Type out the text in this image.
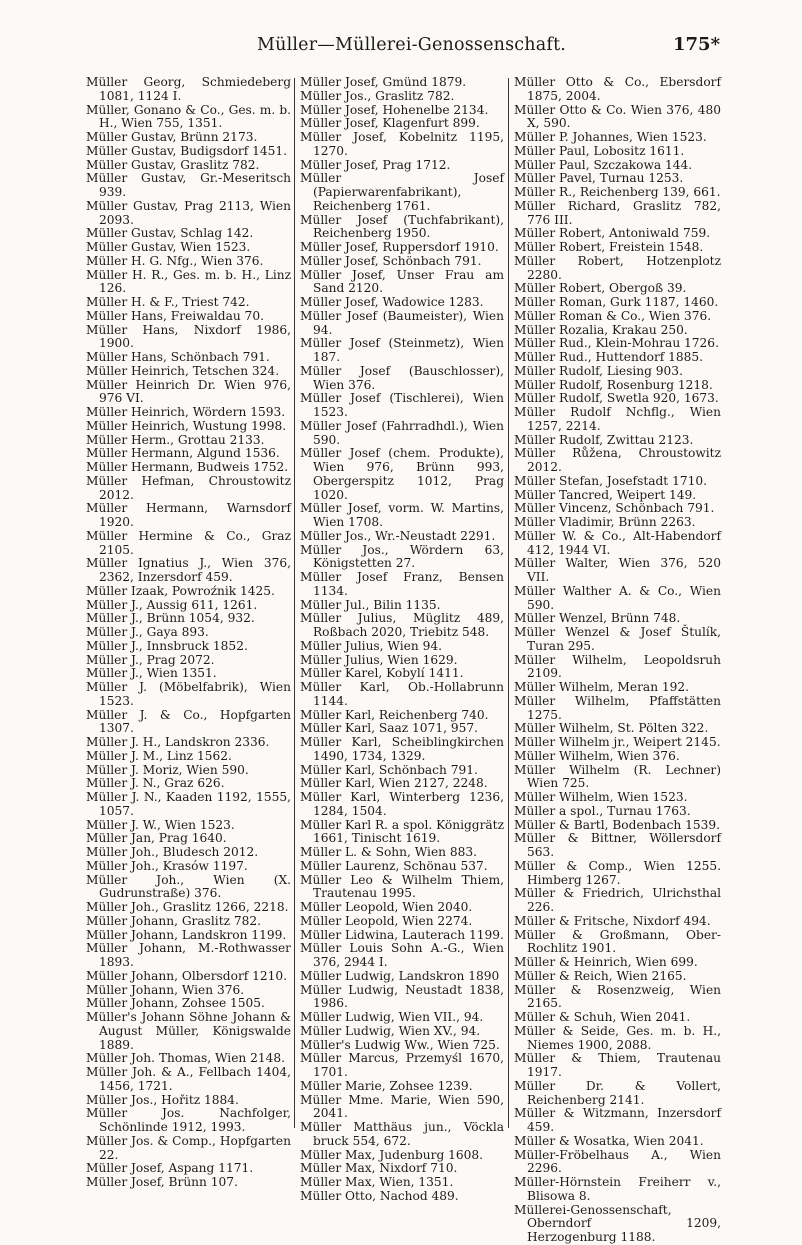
Müller—Müllerei-Genossenschaft.	175*

Müller Georg, Schmiedeberg 1081, 1124 I.

Müller, Gonano & Co., Ges. m. b. H., Wien 755, 1351.

Müller Gustav, Brünn 2173.

Müller Gustav, Budigsdorf 1451.

Müller Gustav, Graslitz 782.

Müller Gustav, Gr.-Meseritsch 939.

Müller Gustav, Prag 2113, Wien 2093.

Müller Gustav, Schlag 142.

Müller Gustav, Wien 1523.

Müller H. G. Nfg., Wien 376.

Müller H. R., Ges. m. b. H., Linz 126.

Müller H. & F., Triest 742.

Müller Hans, Freiwaldau 70.

Müller Hans, Nixdorf 1986, 1900.

Müller Hans, Schönbach 791.

Müller Heinrich, Tetschen 324.

Müller Heinrich Dr. Wien 976, 976 VI.

Müller Heinrich, Wördern 1593.

Müller Heinrich, Wustung 1998.

Müller Herm., Grottau 2133.

Müller Hermann, Algund 1536.

Müller Hermann, Budweis 1752.

Müller Hefman, Chroustowitz 2012.

Müller Hermann, Warnsdorf 1920.

Müller Hermine & Co., Graz 2105.

Müller Ignatius J., Wien 376, 2362, Inzersdorf 459.

Müller Izaak, Powroźnik 1425.

Müller J., Aussig 611, 1261.

Müller J., Brünn 1054, 932.

Müller J., Gaya 893.

Müller J., Innsbruck 1852.

Müller J., Prag 2072.

Müller J., Wien 1351.

Müller J. (Möbelfabrik), Wien 1523.

Müller J. & Co., Hopfgarten 1307.

Müller J. H., Landskron 2336.

Müller J. M., Linz 1562.

Müller J. Moriz, Wien 590.

Müller J. N., Graz 626.

Müller J. N., Kaaden 1192, 1555, 1057.

Müller J. W., Wien 1523.

Müller Jan, Prag 1640.

Müller Joh., Bludesch 2012.

Müller Joh., Krasów 1197.

Müller Joh., Wien (X. Gudrunstraße) 376.

Müller Joh., Graslitz 1266, 2218.

Müller Johann, Graslitz 782.

Müller Johann, Landskron 1199.

Müller Johann, M.-Rothwasser 1893.

Müller Johann, Olbersdorf 1210.

Müller Johann, Wien 376.

Müller Johann, Zohsee 1505.

Müller's Johann Söhne Johann & August Müller, Königswalde 1889.

Müller Joh. Thomas, Wien 2148.

Müller Joh. & A., Fellbach 1404, 1456, 1721.

Müller Jos., Hořitz 1884.

Müller Jos. Nachfolger, Schönlinde 1912, 1993.

Müller Jos. & Comp., Hopfgarten 22.

Müller Josef, Aspang 1171.

Müller Josef, Brünn 107.

Müller Josef, Gmünd 1879.

Müller Jos., Graslitz 782.

Müller Josef, Hohenelbe 2134.

Müller Josef, Klagenfurt 899.

Müller Josef, Kobelnitz 1195, 1270.

Müller Josef, Prag 1712.

Müller Josef (Papierwarenfabrikant), Reichenberg 1761.

Müller Josef (Tuchfabrikant), Reichenberg 1950.

Müller Josef, Ruppersdorf 1910.

Müller Josef, Schönbach 791.

Müller Josef, Unser Frau am Sand 2120.

Müller Josef, Wadowice 1283.

Müller Josef (Baumeister), Wien 94.

Müller Josef (Steinmetz), Wien 187.

Müller Josef (Bauschlosser), Wien 376.

Müller Josef (Tischlerei), Wien 1523.

Müller Josef (Fahrradhdl.), Wien 590.

Müller Josef (chem. Produkte), Wien 976, Brünn 993, Obergerspitz 1012, Prag 1020.

Müller Josef, vorm. W. Martins, Wien 1708.

Müller Jos., Wr.-Neustadt 2291.

Müller Jos., Wördern 63, Königstetten 27.

Müller Josef Franz, Bensen 1134.

Müller Jul., Bilin 1135.

Müller Julius, Müglitz 489, Roßbach 2020, Triebitz 548.

Müller Julius, Wien 94.

Müller Julius, Wien 1629.

Müller Karel, Kobylí 1411.

Müller Karl, Ob.-Hollabrunn 1144.

Müller Karl, Reichenberg 740.

Müller Karl, Saaz 1071, 957.

Müller Karl, Scheiblingkirchen 1490, 1734, 1329.

Müller Karl, Schönbach 791.

Müller Karl, Wien 2127, 2248.

Müller Karl, Winterberg 1236, 1284, 1504.

Müller Karl R. a spol. Königgrätz 1661, Tinischt 1619.

Müller L. & Sohn, Wien 883.

Müller Laurenz, Schönau 537.

Müller Leo & Wilhelm Thiem, Trautenau 1995.

Müller Leopold, Wien 2040.

Müller Leopold, Wien 2274.

Müller Lidwina, Lauterach 1199.

Müller Louis Sohn A.-G., Wien 376, 2944 I.

Müller Ludwig, Landskron 1890

Müller Ludwig, Neustadt 1838, 1986.

Müller Ludwig, Wien VII., 94.

Müller Ludwig, Wien XV., 94.

Müller's Ludwig Ww., Wien 725.

Müller Marcus, Przemyśl 1670, 1701.

Müller Marie, Zohsee 1239.

Müller Mme. Marie, Wien 590, 2041.

Müller Matthäus jun., Vöckla bruck 554, 672.

Müller Max, Judenburg 1608.

Müller Max, Nixdorf 710.

Müller Max, Wien, 1351.

Müller Otto, Nachod 489.

Müller Otto & Co., Ebersdorf 1875, 2004.

Müller Otto & Co. Wien 376, 480 X, 590.

Müller P. Johannes, Wien 1523.

Müller Paul, Lobositz 1611.

Müller Paul, Szczakowa 144.

Müller Pavel, Turnau 1253.

Müller R., Reichenberg 139, 661.

Müller Richard, Graslitz 782, 776 III.

Müller Robert, Antoniwald 759.

Müller Robert, Freistein 1548.

Müller Robert, Hotzenplotz 2280.

Müller Robert, Obergoß 39.

Müller Roman, Gurk 1187, 1460.

Müller Roman & Co., Wien 376.

Müller Rozalia, Krakau 250.

Müller Rud., Klein-Mohrau 1726.

Müller Rud., Huttendorf 1885.

Müller Rudolf, Liesing 903.

Müller Rudolf, Rosenburg 1218.

Müller Rudolf, Swetla 920, 1673.

Müller Rudolf Nchflg., Wien 1257, 2214.

Müller Rudolf, Zwittau 2123.

Müller Růžena, Chroustowitz 2012.

Müller Stefan, Josefstadt 1710.

Müller Tancred, Weipert 149.

Müller Vincenz, Schönbach 791.

Müller Vladimir, Brünn 2263.

Müller W. & Co., Alt-Habendorf 412, 1944 VI.

Müller Walter, Wien 376, 520 VII.

Müller Walther A. & Co., Wien 590.

Müller Wenzel, Brünn 748.

Müller Wenzel & Josef Štulík, Turan 295.

Müller Wilhelm, Leopoldsruh 2109.

Müller Wilhelm, Meran 192.

Müller Wilhelm, Pfaffstätten 1275.

Müller Wilhelm, St. Pölten 322.

Müller Wilhelm jr., Weipert 2145.

Müller Wilhelm, Wien 376.

Müller Wilhelm (R. Lechner) Wien 725.

Müller Wilhelm, Wien 1523.

Müller a spol., Turnau 1763.

Müller & Bartl, Bodenbach 1539.

Müller & Bittner, Wöllersdorf 563.

Müller & Comp., Wien 1255. Himberg 1267.

Müller & Friedrich, Ulrichsthal 226.

Müller & Fritsche, Nixdorf 494.

Müller & Großmann, Ober-Rochlitz 1901.

Müller & Heinrich, Wien 699.

Müller & Reich, Wien 2165.

Müller & Rosenzweig, Wien 2165.

Müller & Schuh, Wien 2041.

Müller & Seide, Ges. m. b. H., Niemes 1900, 2088.

Müller & Thiem, Trautenau 1917.

Müller Dr. & Vollert, Reichenberg 2141.

Müller & Witzmann, Inzersdorf 459.

Müller & Wosatka, Wien 2041.

Müller-Fröbelhaus A., Wien 2296.

Müller-Hörnstein Freiherr v., Blisowa 8.

Müllerei-Genossenschaft, Oberndorf 1209, Herzogenburg 1188.
